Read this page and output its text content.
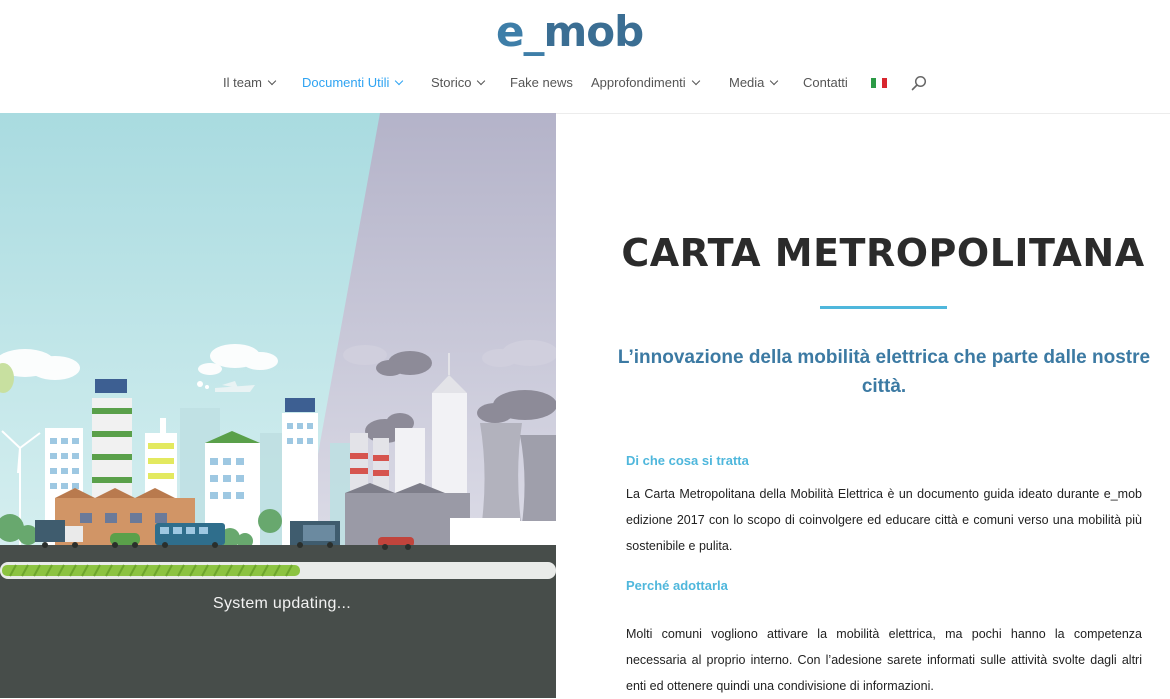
e_mob
Il team	Documenti Utili	Storico	Fake news Approfondimenti	Media	Contatti
System updating...
CARTA METROPOLITANA
L’innovazione della mobilità elettrica che parte dalle nostre città.
Di che cosa si tratta
La Carta Metropolitana della Mobilità Elettrica è un documento guida ideato durante e_mob edizione 2017 con lo scopo di coinvolgere ed educare città e comuni verso una mobilità più sostenibile e pulita.
Perché adottarla
Molti comuni vogliono attivare la mobilità elettrica, ma pochi hanno la competenza necessaria al proprio interno. Con l’adesione sarete informati sulle attività svolte dagli altri enti ed ottenere quindi una condivisione di informazioni.
